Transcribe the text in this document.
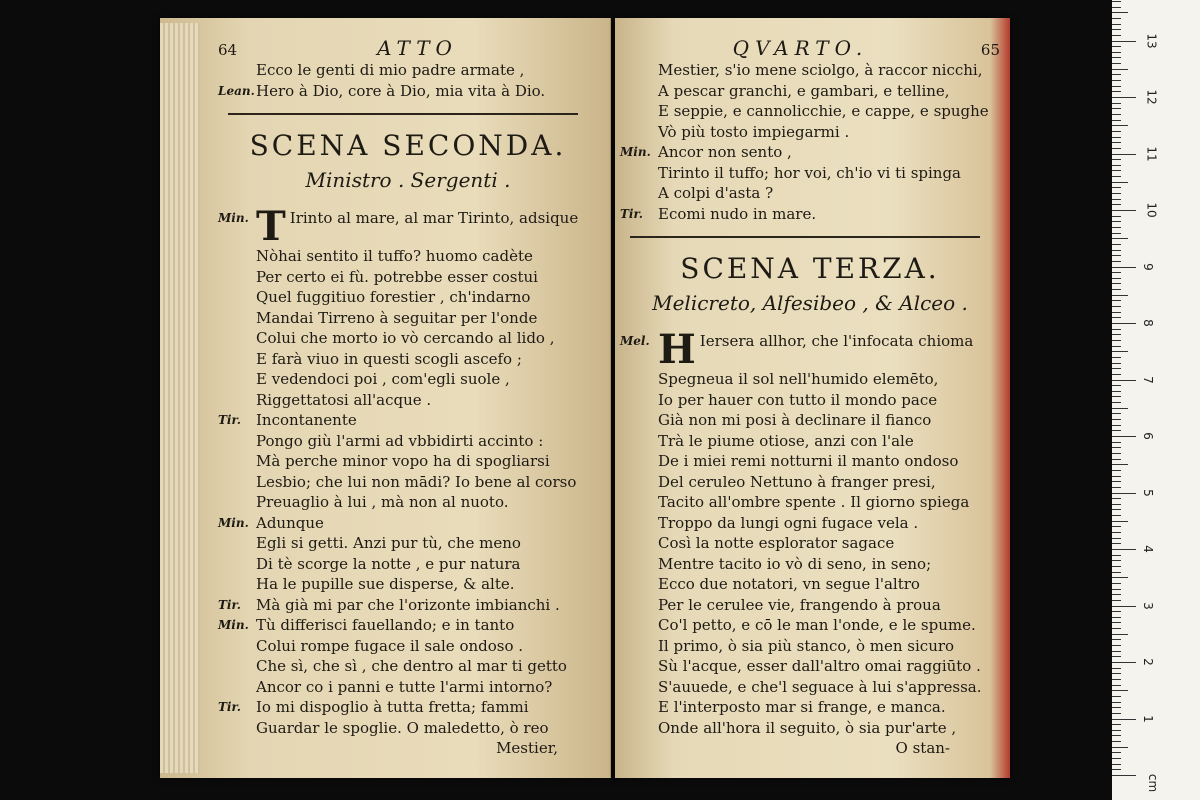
64	ATTO
Ecco le genti di mio padre armate ,
Lean. Hero à Dio, core à Dio, mia vita à Dio.
SCENA SECONDA.
Ministro . Sergenti .
Min. T Irinto al mare, al mar Tirinto, adsique
Nòhai sentito il tuffo? huomo cadète
Per certo ei fù. potrebbe esser costui
Quel fuggitiuo forestier , ch'indarno
Mandai Tirreno à seguitar per l'onde
Colui che morto io vò cercando al lido ,
E farà viuo in questi scogli ascefo ;
E vedendoci poi , com'egli suole ,
Riggettatosi all'acque .
Tir.	Incontanente
Pongo giù l'armi ad vbbidirti accinto :
Mà perche minor vopo ha di spogliarsi
Lesbio; che lui non mādi? Io bene al corso
Preuaglio à lui , mà non al nuoto.
Min. Adunque
Egli si getti. Anzi pur tù, che meno
Di tè scorge la notte , e pur natura
Ha le pupille sue disperse, & alte.
Tir.	Mà già mi par che l'orizonte imbianchi .
Min. Tù differisci fauellando; e in tanto
Colui rompe fugace il sale ondoso .
Che sì, che sì , che dentro al mar ti getto
Ancor co i panni e tutte l'armi intorno?
Tir.	Io mi dispoglio à tutta fretta; fammi
Guardar le spoglie. O maledetto, ò reo
Mestier,
QVARTO.	65
Mestier, s'io mene sciolgo, à raccor nicchi,
A pescar granchi, e gambari, e telline,
E seppie, e cannolicchie, e cappe, e spughe
Vò più tosto impiegarmi .
Min. Ancor non sento ,
Tirinto il tuffo; hor voi, ch'io vi ti spinga
A colpi d'asta ?
Tir.	Ecomi nudo in mare.
SCENA TERZA.
Melicreto, Alfesibeo , & Alceo .
Mel. H Iersera allhor, che l'infocata chioma
Spegneua il sol nell'humido elemēto,
Io per hauer con tutto il mondo pace
Già non mi posi à declinare il fianco
Trà le piume otiose, anzi con l'ale
De i miei remi notturni il manto ondoso
Del ceruleo Nettuno à franger presi,
Tacito all'ombre spente . Il giorno spiega
Troppo da lungi ogni fugace vela .
Così la notte esplorator sagace
Mentre tacito io vò di seno, in seno;
Ecco due notatori, vn segue l'altro
Per le cerulee vie, frangendo à proua
Co'l petto, e cō le man l'onde, e le spume.
Il primo, ò sia più stanco, ò men sicuro
Sù l'acque, esser dall'altro omai raggiūto .
S'auuede, e che'l seguace à lui s'appressa.
E l'interposto mar si frange, e manca.
Onde all'hora il seguito, ò sia pur'arte ,
O stan-
1
2
3
4
5
6
7
8
9
10
11
12
13
cm
